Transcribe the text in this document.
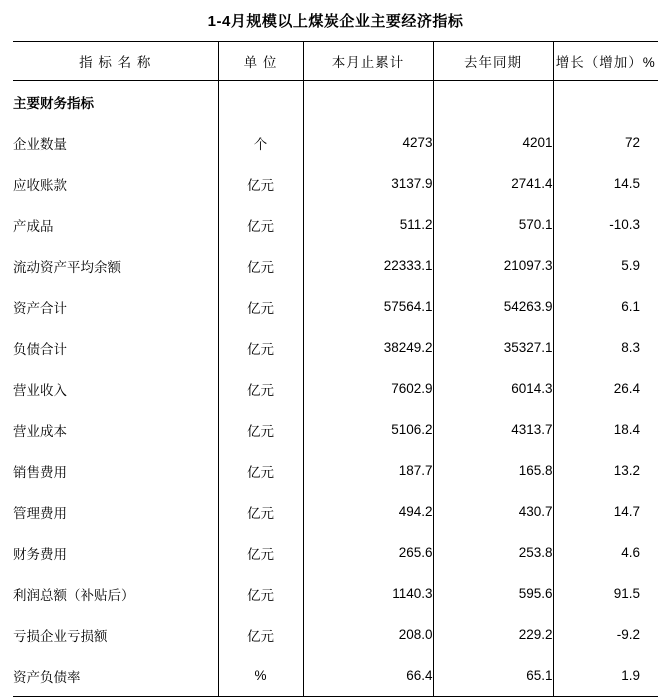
1-4月规模以上煤炭企业主要经济指标
指 标 名 称	单 位	本月止累计	去年同期	增长（增加）%
主要财务指标				
企业数量	个	4273	4201	72
应收账款	亿元	3137.9	2741.4	14.5
产成品	亿元	511.2	570.1	-10.3
流动资产平均余额	亿元	22333.1	21097.3	5.9
资产合计	亿元	57564.1	54263.9	6.1
负债合计	亿元	38249.2	35327.1	8.3
营业收入	亿元	7602.9	6014.3	26.4
营业成本	亿元	5106.2	4313.7	18.4
销售费用	亿元	187.7	165.8	13.2
管理费用	亿元	494.2	430.7	14.7
财务费用	亿元	265.6	253.8	4.6
利润总额（补贴后）	亿元	1140.3	595.6	91.5
亏损企业亏损额	亿元	208.0	229.2	-9.2
资产负债率	%	66.4	65.1	1.9
